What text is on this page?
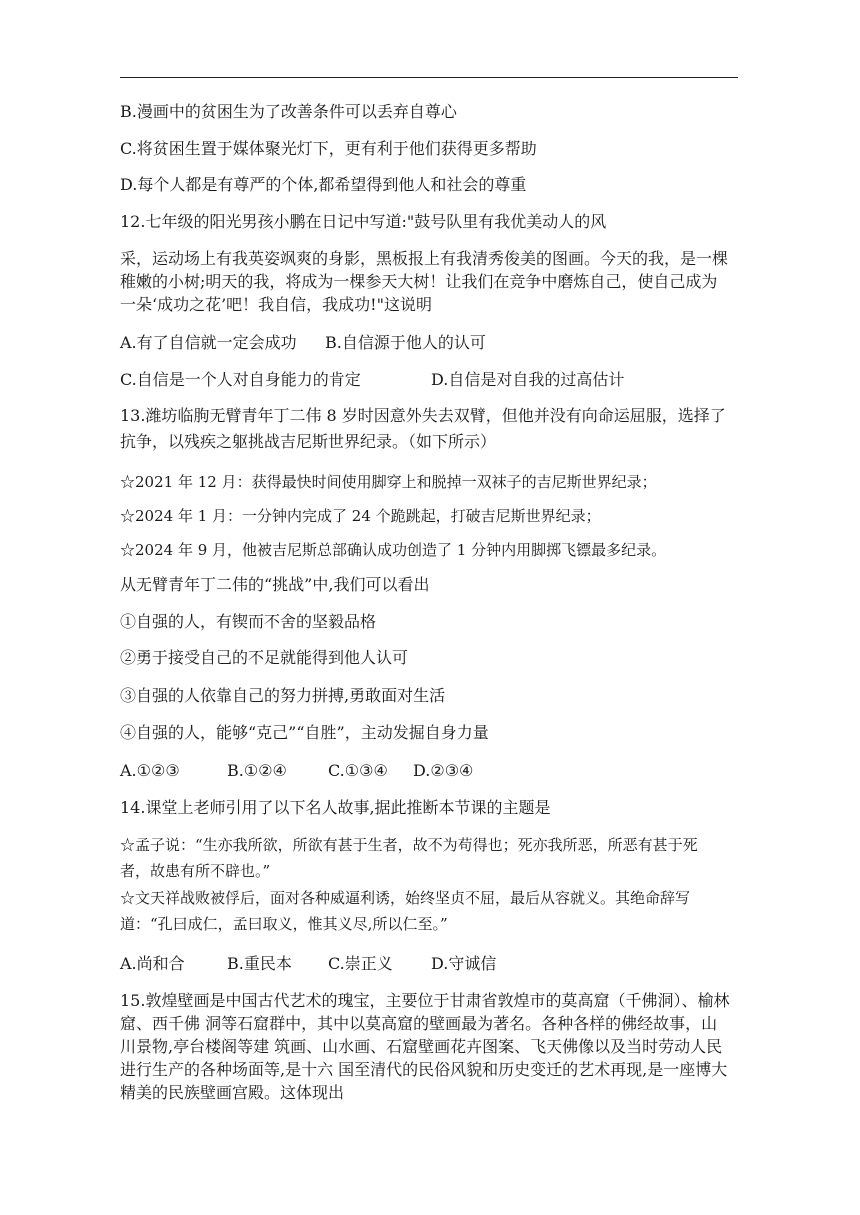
B.漫画中的贫困生为了改善条件可以丢弃自尊心
C.将贫困生置于媒体聚光灯下，更有利于他们获得更多帮助
D.每个人都是有尊严的个体,都希望得到他人和社会的尊重
12.七年级的阳光男孩小鹏在日记中写道:"鼓号队里有我优美动人的风
采，运动场上有我英姿飒爽的身影，黑板报上有我清秀俊美的图画。今天的我，是一棵稚嫩的小树;明天的我，将成为一棵参天大树！让我们在竞争中磨炼自己，使自己成为一朵‘成功之花’吧！我自信，我成功!"这说明
A.有了自信就一定会成功 B.自信源于他人的认可
C.自信是一个人对自身能力的肯定	D.自信是对自我的过高估计
13.潍坊临朐无臂青年丁二伟 8 岁时因意外失去双臂，但他并没有向命运屈服，选择了抗争，以残疾之躯挑战吉尼斯世界纪录。（如下所示）
☆2021 年 12 月：获得最快时间使用脚穿上和脱掉一双袜子的吉尼斯世界纪录；
☆2024 年 1 月：一分钟内完成了 24 个跪跳起，打破吉尼斯世界纪录；
☆2024 年 9 月，他被吉尼斯总部确认成功创造了 1 分钟内用脚掷飞镖最多纪录。
从无臂青年丁二伟的“挑战”中,我们可以看出
①自强的人，有锲而不舍的坚毅品格
②勇于接受自己的不足就能得到他人认可
③自强的人依靠自己的努力拼搏,勇敢面对生活
④自强的人，能够“克己”“自胜”，主动发掘自身力量
A.①②③	B.①②④	C.①③④ D.②③④
14.课堂上老师引用了以下名人故事,据此推断本节课的主题是
☆孟子说：“生亦我所欲，所欲有甚于生者，故不为苟得也；死亦我所恶，所恶有甚于死者，故患有所不辟也。”
☆文天祥战败被俘后，面对各种威逼利诱，始终坚贞不屈，最后从容就义。其绝命辞写道：“孔曰成仁，孟曰取义，惟其义尽,所以仁至。”
A.尚和合	B.重民本 C.崇正义 D.守诚信
15.敦煌壁画是中国古代艺术的瑰宝，主要位于甘肃省敦煌市的莫高窟（千佛洞）、榆林窟、西千佛 洞等石窟群中，其中以莫高窟的壁画最为著名。各种各样的佛经故事，山川景物,亭台楼阁等建 筑画、山水画、石窟壁画花卉图案、飞天佛像以及当时劳动人民进行生产的各种场面等,是十六 国至清代的民俗风貌和历史变迁的艺术再现,是一座博大精美的民族壁画宫殿。这体现出
